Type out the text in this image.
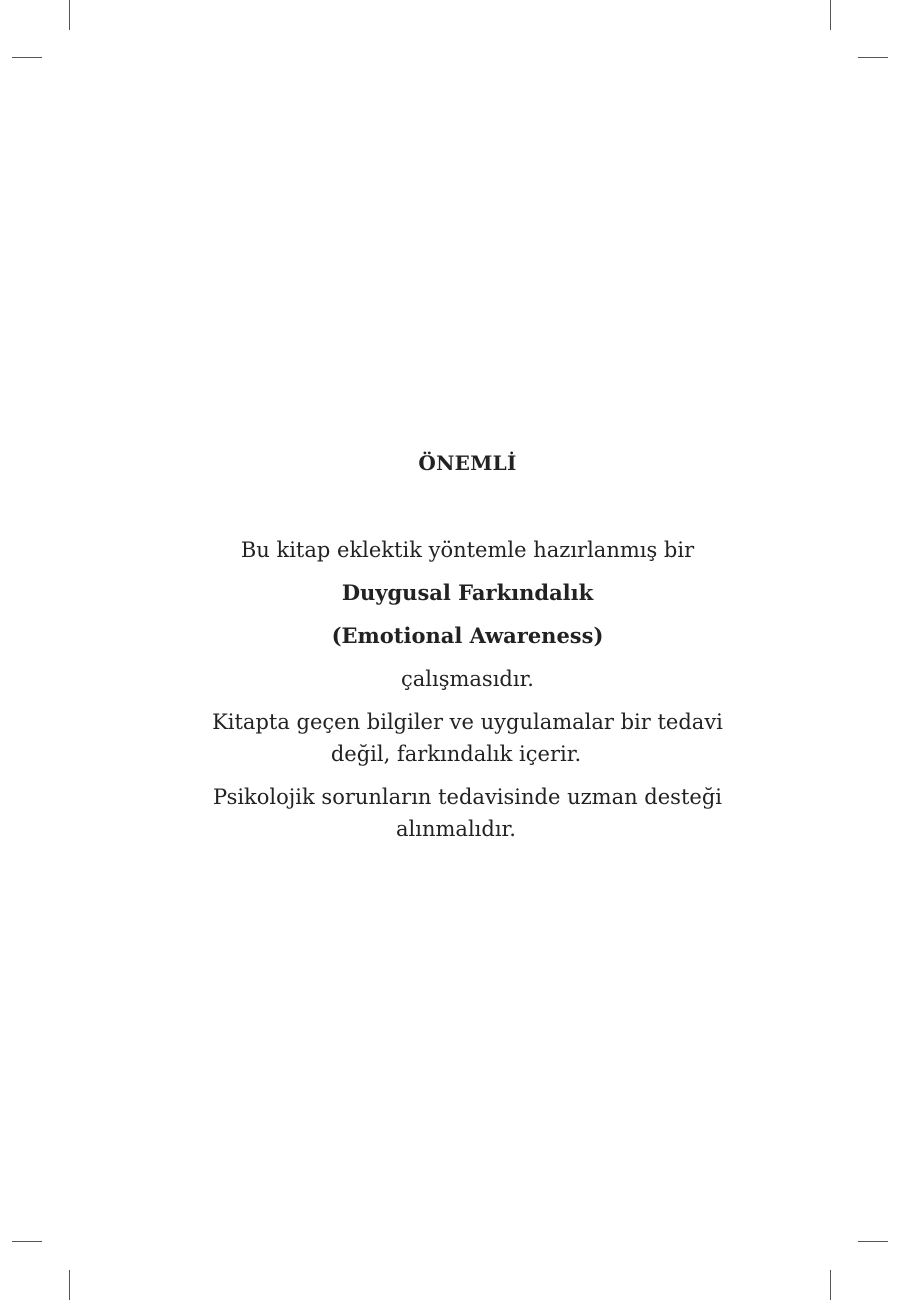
ÖNEMLİ
Bu kitap eklektik yöntemle hazırlanmış bir
Duygusal Farkındalık
(Emotional Awareness)
çalışmasıdır.
Kitapta geçen bilgiler ve uygulamalar bir tedavi
değil, farkındalık içerir.
Psikolojik sorunların tedavisinde uzman desteği
alınmalıdır.
